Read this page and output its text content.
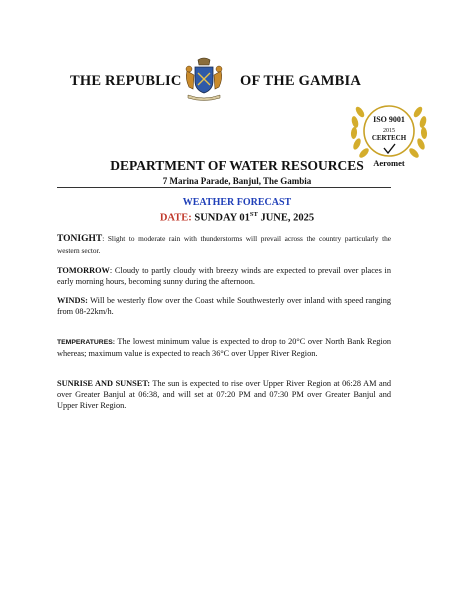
THE REPUBLIC	OF THE GAMBIA
ISO 9001
2015
CERTECH
Aeromet
DEPARTMENT OF WATER RESOURCES
7 Marina Parade, Banjul, The Gambia
WEATHER FORECAST
DATE: SUNDAY 01ST JUNE, 2025
TONIGHT: Slight to moderate rain with thunderstorms will prevail across the country particularly the western sector.
TOMORROW: Cloudy to partly cloudy with breezy winds are expected to prevail over places in early morning hours, becoming sunny during the afternoon.
WINDS: Will be westerly flow over the Coast while Southwesterly over inland with speed ranging from 08-22km/h.
TEMPERATURES: The lowest minimum value is expected to drop to 20°C over North Bank Region whereas; maximum value is expected to reach 36°C over Upper River Region.
SUNRISE AND SUNSET: The sun is expected to rise over Upper River Region at 06:28 AM and over Greater Banjul at 06:38, and will set at 07:20 PM and 07:30 PM over Greater Banjul and Upper River Region.
